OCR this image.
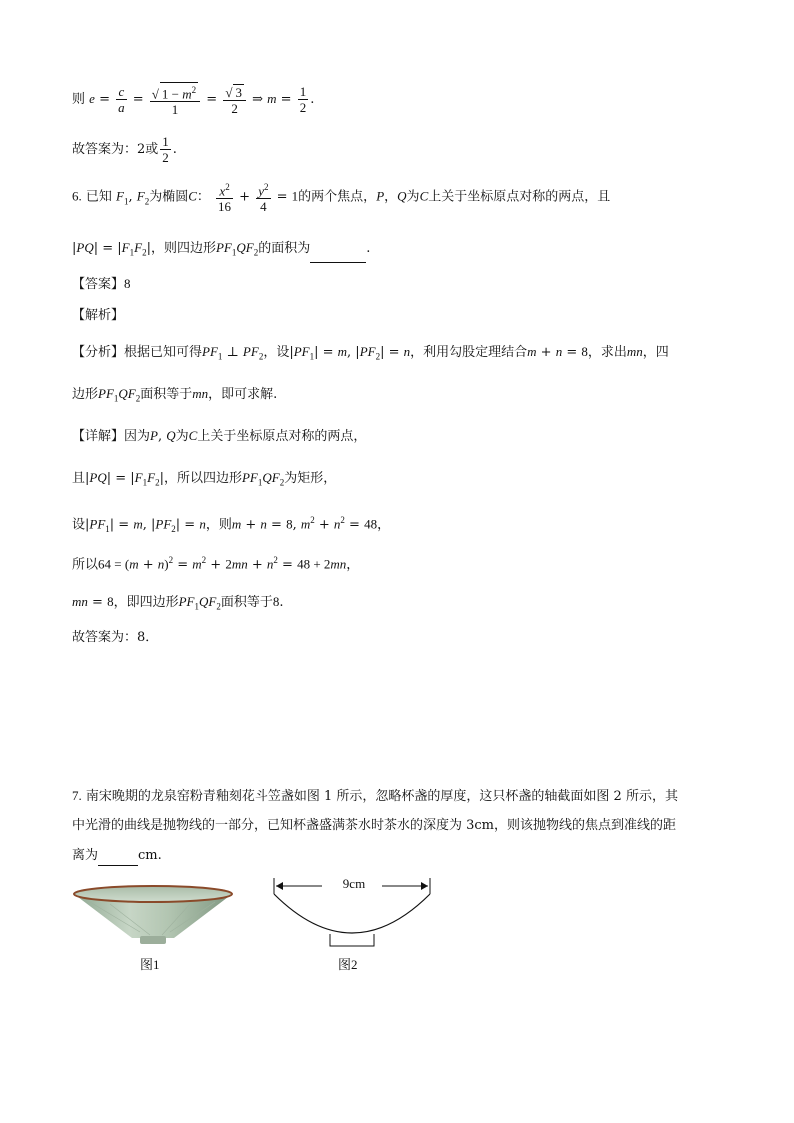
则 $e = \frac{c}{a} = \frac{√ 1 - m^2}{1} = \frac{√ 3}{2}$ ⇒ $m = \frac{1}{2}$ .
故答案为：2或 $\frac{1}{2}$ .
6. 已知 $F_1$, $F_2$为椭圆C： $\frac{x^2}{16} + \frac{y^2}{4} = 1$的两个焦点，P，Q为C上关于坐标原点对称的两点，且
$|PQ| = |F_1F_2|$，则四边形$PF_1QF_2$的面积为	.
【答案】8
【解析】
【分析】根据已知可得$PF_1$ ⊥ $PF_2$，设$|PF_1| = m$, $|PF_2| = n$，利用勾股定理结合m + n = 8，求出mn，四
边形$PF_1QF_2$面积等于mn，即可求解.
【详解】因为P, Q为C上关于坐标原点对称的两点，
且$|PQ| = |F_1F_2|$，所以四边形$PF_1QF_2$为矩形，
设$|PF_1| = m$, $|PF_2| = n$，则m + n = 8, $m^2 + n^2 = 48$，
所以$64 = (m + n)^2 = m^2 + 2mn + n^2 = 48 + 2mn$，
mn = 8，即四边形$PF_1QF_2$面积等于8.
故答案为：8．
7. 南宋晚期的龙泉窑粉青釉刻花斗笠盏如图 1 所示，忽略杯盏的厚度，这只杯盏的轴截面如图 2 所示，其
中光滑的曲线是抛物线的一部分，已知杯盏盛满茶水时茶水的深度为 3cm，则该抛物线的焦点到准线的距
离为	cm.
图1
9cm
图2
